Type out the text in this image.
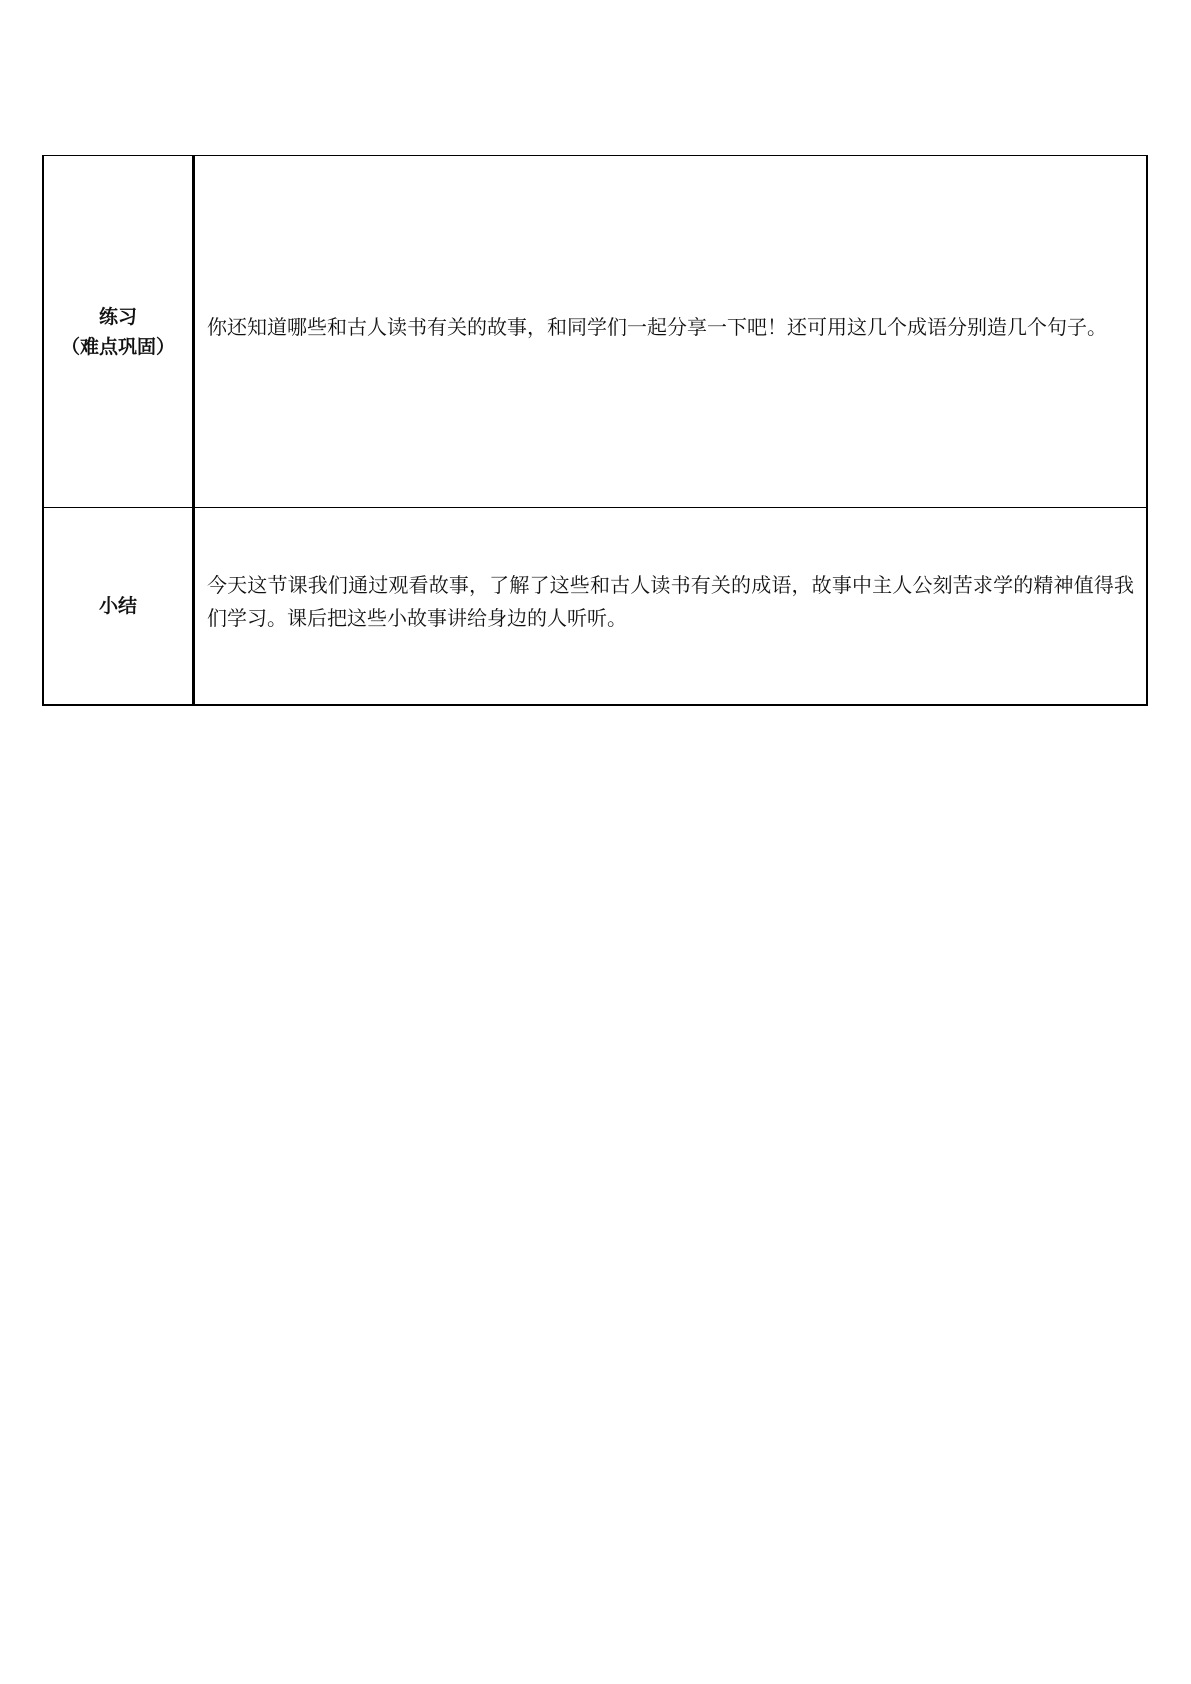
练习
（难点巩固）	你还知道哪些和古人读书有关的故事，和同学们一起分享一下吧！还可用这几个成语分别造几个句子。

小结	今天这节课我们通过观看故事，了解了这些和古人读书有关的成语，故事中主人公刻苦求学的精神值得我们学习。课后把这些小故事讲给身边的人听听。
